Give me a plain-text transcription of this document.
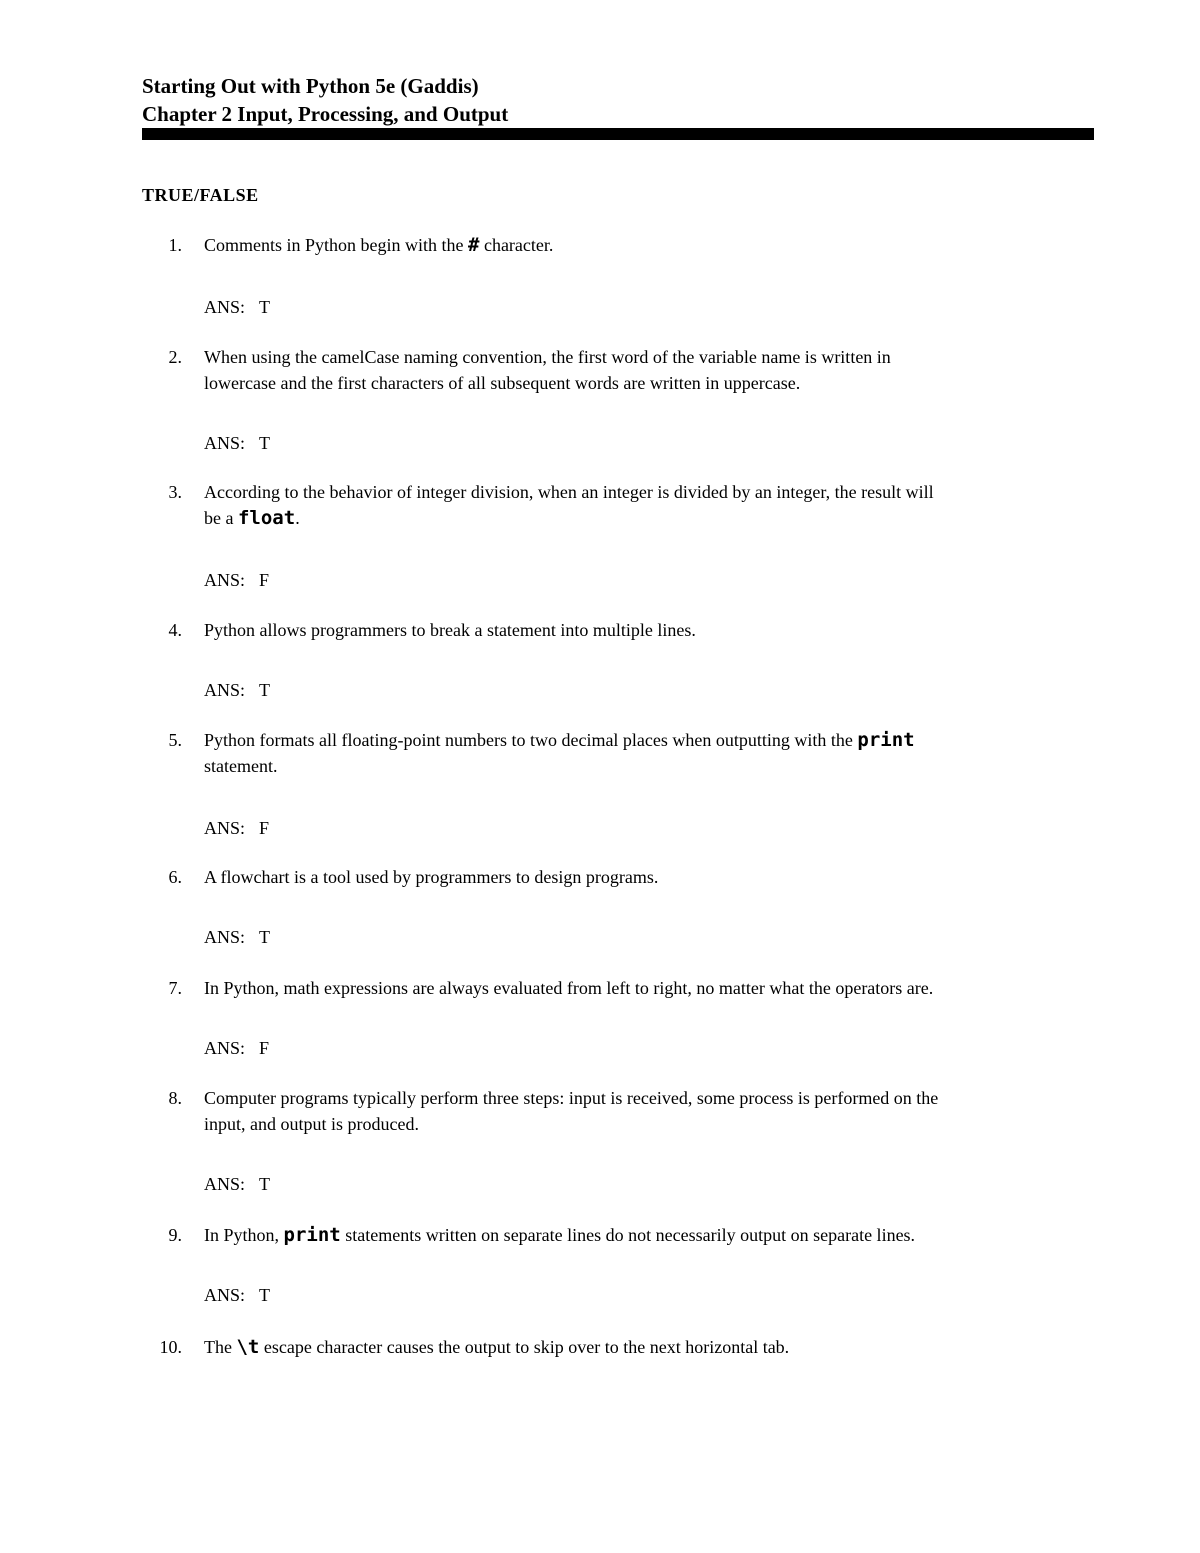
Starting Out with Python 5e (Gaddis)
Chapter 2 Input, Processing, and Output
TRUE/FALSE
1. Comments in Python begin with the # character.
ANS: T
2. When using the camelCase naming convention, the first word of the variable name is written in
lowercase and the first characters of all subsequent words are written in uppercase.
ANS: T
3. According to the behavior of integer division, when an integer is divided by an integer, the result will
be a float.
ANS: F
4. Python allows programmers to break a statement into multiple lines.
ANS: T
5. Python formats all floating-point numbers to two decimal places when outputting with the print
statement.
ANS: F
6. A flowchart is a tool used by programmers to design programs.
ANS: T
7. In Python, math expressions are always evaluated from left to right, no matter what the operators are.
ANS: F
8. Computer programs typically perform three steps: input is received, some process is performed on the
input, and output is produced.
ANS: T
9. In Python, print statements written on separate lines do not necessarily output on separate lines.
ANS: T
10. The \t escape character causes the output to skip over to the next horizontal tab.
